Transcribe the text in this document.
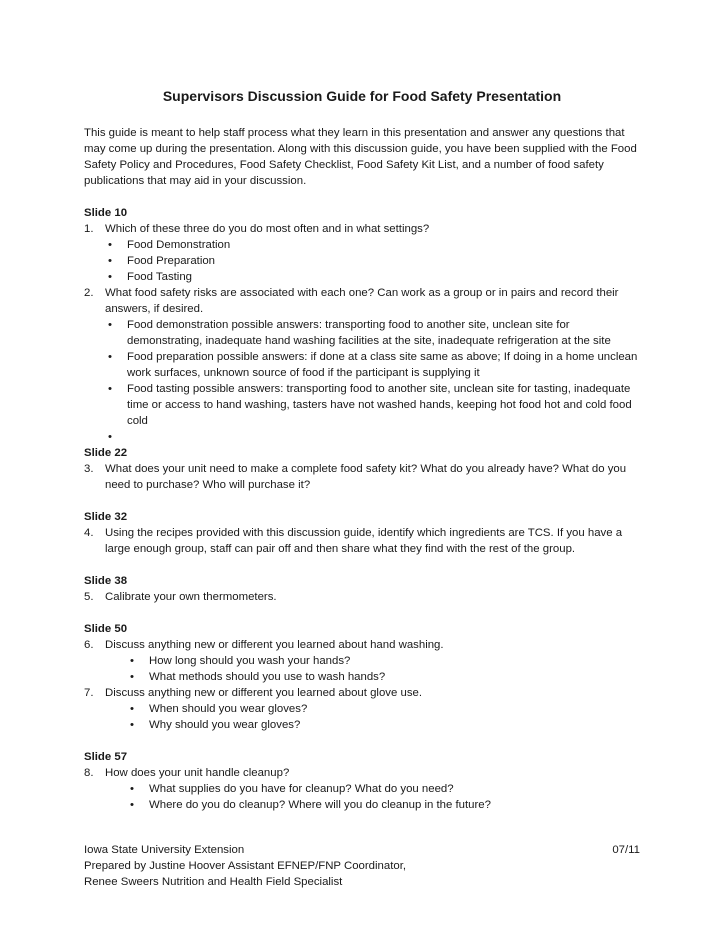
Supervisors Discussion Guide for Food Safety Presentation
This guide is meant to help staff process what they learn in this presentation and answer any questions that may come up during the presentation. Along with this discussion guide, you have been supplied with the Food Safety Policy and Procedures, Food Safety Checklist, Food Safety Kit List, and a number of food safety publications that may aid in your discussion.
Slide 10
1. Which of these three do you do most often and in what settings?
• Food Demonstration
• Food Preparation
• Food Tasting
2. What food safety risks are associated with each one? Can work as a group or in pairs and record their answers, if desired.
• Food demonstration possible answers: transporting food to another site, unclean site for demonstrating, inadequate hand washing facilities at the site, inadequate refrigeration at the site
• Food preparation possible answers: if done at a class site same as above; If doing in a home unclean work surfaces, unknown source of food if the participant is supplying it
• Food tasting possible answers: transporting food to another site, unclean site for tasting, inadequate time or access to hand washing, tasters have not washed hands, keeping hot food hot and cold food cold
•

Slide 22
3. What does your unit need to make a complete food safety kit? What do you already have? What do you need to purchase? Who will purchase it?
Slide 32
4. Using the recipes provided with this discussion guide, identify which ingredients are TCS. If you have a large enough group, staff can pair off and then share what they find with the rest of the group.
Slide 38
5. Calibrate your own thermometers.
Slide 50
6. Discuss anything new or different you learned about hand washing.
• How long should you wash your hands?
• What methods should you use to wash hands?
7. Discuss anything new or different you learned about glove use.
• When should you wear gloves?
• Why should you wear gloves?
Slide 57
8. How does your unit handle cleanup?
• What supplies do you have for cleanup? What do you need?
• Where do you do cleanup? Where will you do cleanup in the future?
Iowa State University Extension	07/11
Prepared by Justine Hoover Assistant EFNEP/FNP Coordinator,
Renee Sweers Nutrition and Health Field Specialist
